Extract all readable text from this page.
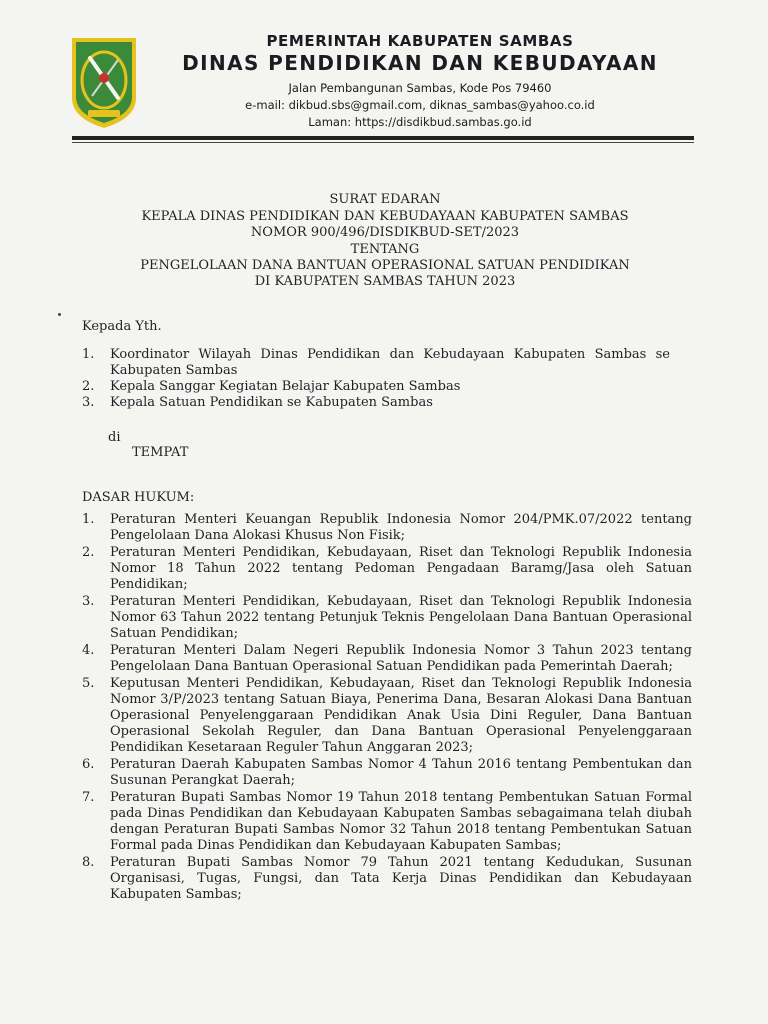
PEMERINTAH KABUPATEN SAMBAS
DINAS PENDIDIKAN DAN KEBUDAYAAN
Jalan Pembangunan Sambas, Kode Pos 79460
e-mail: dikbud.sbs@gmail.com, diknas_sambas@yahoo.co.id
Laman: https://disdikbud.sambas.go.id
SURAT EDARAN
KEPALA DINAS PENDIDIKAN DAN KEBUDAYAAN KABUPATEN SAMBAS
NOMOR 900/496/DISDIKBUD-SET/2023
TENTANG
PENGELOLAAN DANA BANTUAN OPERASIONAL SATUAN PENDIDIKAN
DI KABUPATEN SAMBAS TAHUN 2023
Kepada Yth.
1. Koordinator Wilayah Dinas Pendidikan dan Kebudayaan Kabupaten Sambas se Kabupaten Sambas
2. Kepala Sanggar Kegiatan Belajar Kabupaten Sambas
3. Kepala Satuan Pendidikan se Kabupaten Sambas
di
TEMPAT
DASAR HUKUM:
1. Peraturan Menteri Keuangan Republik Indonesia Nomor 204/PMK.07/2022 tentang Pengelolaan Dana Alokasi Khusus Non Fisik;
2. Peraturan Menteri Pendidikan, Kebudayaan, Riset dan Teknologi Republik Indonesia Nomor 18 Tahun 2022 tentang Pedoman Pengadaan Baramg/Jasa oleh Satuan Pendidikan;
3. Peraturan Menteri Pendidikan, Kebudayaan, Riset dan Teknologi Republik Indonesia Nomor 63 Tahun 2022 tentang Petunjuk Teknis Pengelolaan Dana Bantuan Operasional Satuan Pendidikan;
4. Peraturan Menteri Dalam Negeri Republik Indonesia Nomor 3 Tahun 2023 tentang Pengelolaan Dana Bantuan Operasional Satuan Pendidikan pada Pemerintah Daerah;
5. Keputusan Menteri Pendidikan, Kebudayaan, Riset dan Teknologi Republik Indonesia Nomor 3/P/2023 tentang Satuan Biaya, Penerima Dana, Besaran Alokasi Dana Bantuan Operasional Penyelenggaraan Pendidikan Anak Usia Dini Reguler, Dana Bantuan Operasional Sekolah Reguler, dan Dana Bantuan Operasional Penyelenggaraan Pendidikan Kesetaraan Reguler Tahun Anggaran 2023;
6. Peraturan Daerah Kabupaten Sambas Nomor 4 Tahun 2016 tentang Pembentukan dan Susunan Perangkat Daerah;
7. Peraturan Bupati Sambas Nomor 19 Tahun 2018 tentang Pembentukan Satuan Formal pada Dinas Pendidikan dan Kebudayaan Kabupaten Sambas sebagaimana telah diubah dengan Peraturan Bupati Sambas Nomor 32 Tahun 2018 tentang Pembentukan Satuan Formal pada Dinas Pendidikan dan Kebudayaan Kabupaten Sambas;
8. Peraturan Bupati Sambas Nomor 79 Tahun 2021 tentang Kedudukan, Susunan Organisasi, Tugas, Fungsi, dan Tata Kerja Dinas Pendidikan dan Kebudayaan Kabupaten Sambas;
